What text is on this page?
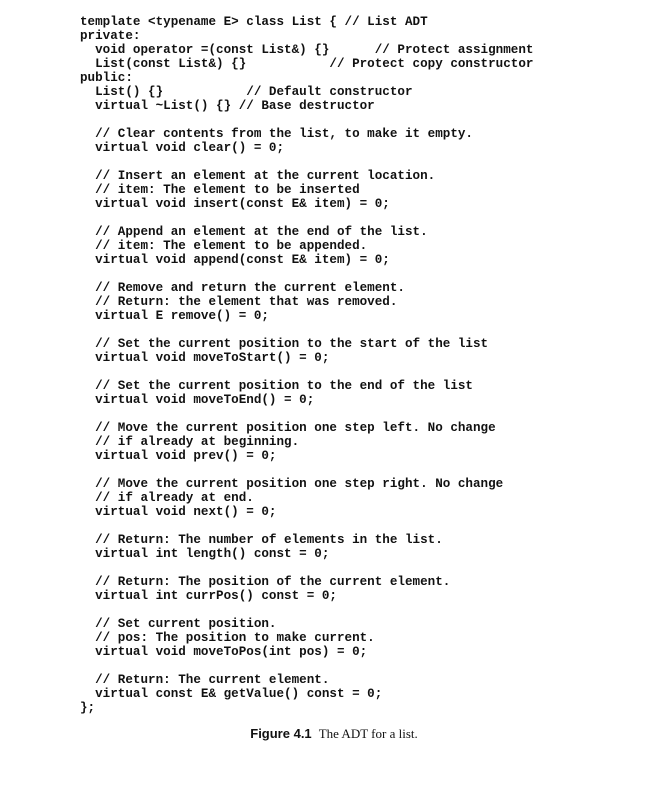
template <typename E> class List { // List ADT
private:
void operator =(const List&) {}      // Protect assignment
List(const List&) {}           // Protect copy constructor
public:
List() {}           // Default constructor
virtual ~List() {} // Base destructor
// Clear contents from the list, to make it empty.
virtual void clear() = 0;
// Insert an element at the current location.
// item: The element to be inserted
virtual void insert(const E& item) = 0;
// Append an element at the end of the list.
// item: The element to be appended.
virtual void append(const E& item) = 0;
// Remove and return the current element.
// Return: the element that was removed.
virtual E remove() = 0;
// Set the current position to the start of the list
virtual void moveToStart() = 0;
// Set the current position to the end of the list
virtual void moveToEnd() = 0;
// Move the current position one step left. No change
// if already at beginning.
virtual void prev() = 0;
// Move the current position one step right. No change
// if already at end.
virtual void next() = 0;
// Return: The number of elements in the list.
virtual int length() const = 0;
// Return: The position of the current element.
virtual int currPos() const = 0;
// Set current position.
// pos: The position to make current.
virtual void moveToPos(int pos) = 0;
// Return: The current element.
virtual const E& getValue() const = 0;
};
Figure 4.1 The ADT for a list.
